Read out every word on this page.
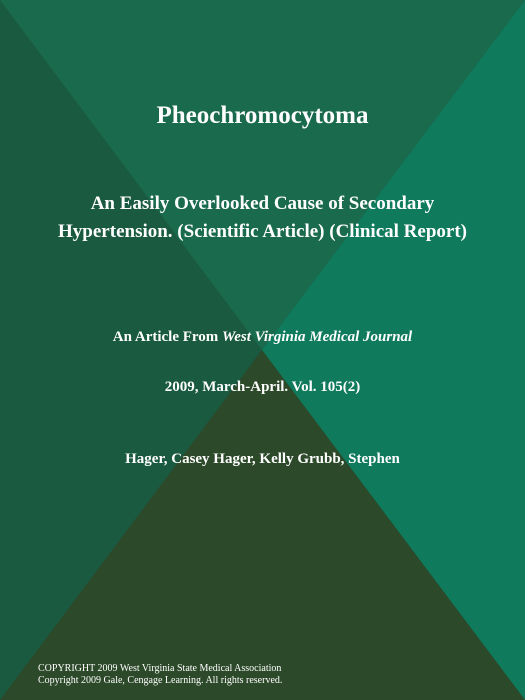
Pheochromocytoma
An Easily Overlooked Cause of Secondary Hypertension. (Scientific Article) (Clinical Report)
An Article From West Virginia Medical Journal
2009, March-April. Vol. 105(2)
Hager, Casey Hager, Kelly Grubb, Stephen
COPYRIGHT 2009 West Virginia State Medical Association
Copyright 2009 Gale, Cengage Learning. All rights reserved.
